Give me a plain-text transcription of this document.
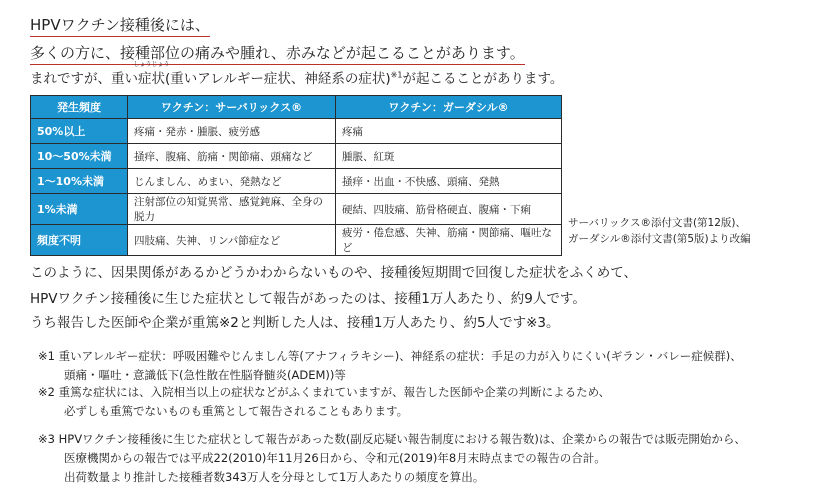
HPVワクチン接種後には、
多くの方に、接種部位の痛みや腫れ、赤みなどが起こることがあります。
まれですが、重い
しょうじょう
症状(重いアレルギー症状、神経系の症状)$^{※1}$が起こることがあります。
発生頻度	ワクチン：サーバリックス®	ワクチン：ガーダシル®
50%以上	疼痛・発赤・腫脹、疲労感	疼痛
10〜50%未満	掻痒、腹痛、筋痛・関節痛、頭痛など	腫脹、紅斑
1〜10%未満	じんましん、めまい、発熱など	掻痒・出血・不快感、頭痛、発熱
1%未満	注射部位の知覚異常、感覚鈍麻、全身の脱力	硬結、四肢痛、筋骨格硬直、腹痛・下痢
頻度不明	四肢痛、失神、リンパ節症など	疲労・倦怠感、失神、筋痛・関節痛、嘔吐など
サーバリックス®添付文書(第12版)、
ガーダシル®添付文書(第5版)より改編
このように、因果関係があるかどうかわからないものや、接種後短期間で回復した症状をふくめて、
HPVワクチン接種後に生じた症状として報告があったのは、接種1万人あたり、約9人です。
うち報告した医師や企業が重篤※2と判断した人は、接種1万人あたり、約5人です※3。
※1 重いアレルギー症状：呼吸困難やじんましん等(アナフィラキシー)、神経系の症状：手足の力が入りにくい(ギラン・バレー症候群)、
頭痛・嘔吐・意識低下(急性散在性脳脊髄炎(ADEM))等
※2 重篤な症状には、入院相当以上の症状などがふくまれていますが、報告した医師や企業の判断によるため、
必ずしも重篤でないものも重篤として報告されることもあります。
※3 HPVワクチン接種後に生じた症状として報告があった数(副反応疑い報告制度における報告数)は、企業からの報告では販売開始から、
医療機関からの報告では平成22(2010)年11月26日から、令和元(2019)年8月末時点までの報告の合計。
出荷数量より推計した接種者数343万人を分母として1万人あたりの頻度を算出。
